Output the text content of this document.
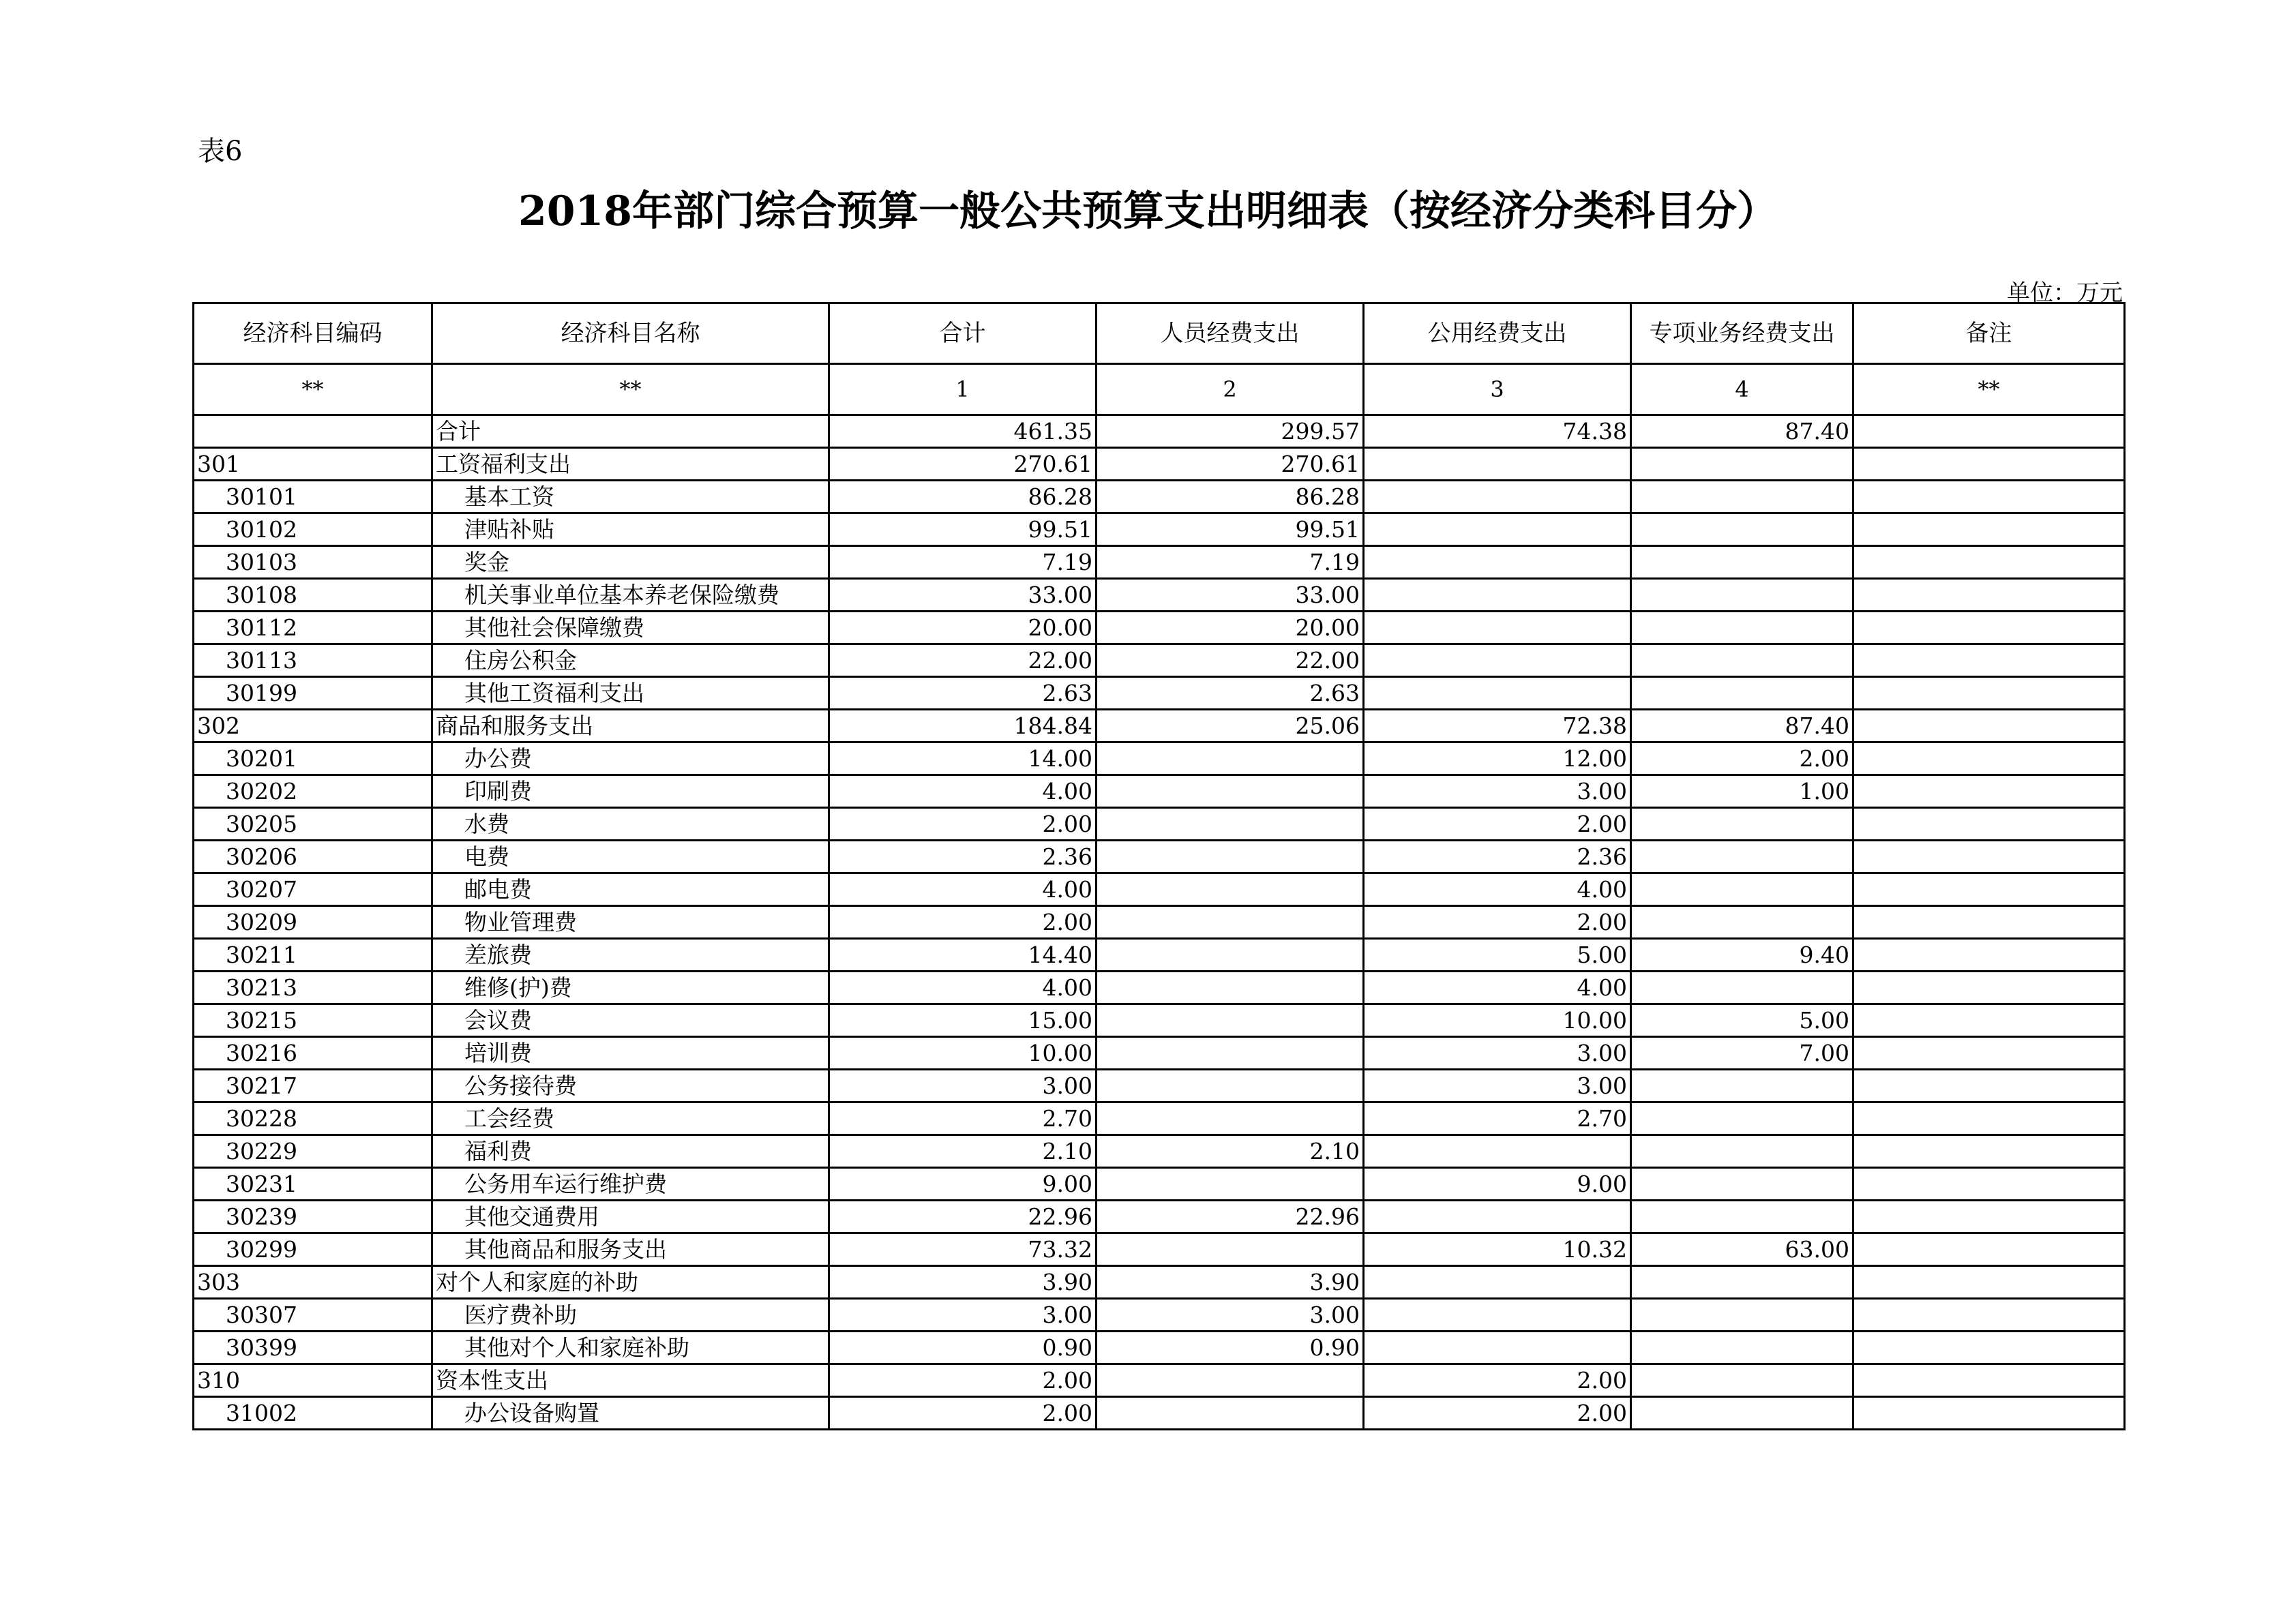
表6
2018年部门综合预算一般公共预算支出明细表（按经济分类科目分）
单位：万元
经济科目编码	经济科目名称	合计	人员经费支出	公用经费支出	专项业务经费支出	备注
**	**	1	2	3	4	**
	合计	461.35	299.57	74.38	87.40	
301	工资福利支出	270.61	270.61			
30101	基本工资	86.28	86.28			
30102	津贴补贴	99.51	99.51			
30103	奖金	7.19	7.19			
30108	机关事业单位基本养老保险缴费	33.00	33.00			
30112	其他社会保障缴费	20.00	20.00			
30113	住房公积金	22.00	22.00			
30199	其他工资福利支出	2.63	2.63			
302	商品和服务支出	184.84	25.06	72.38	87.40	
30201	办公费	14.00		12.00	2.00	
30202	印刷费	4.00		3.00	1.00	
30205	水费	2.00		2.00		
30206	电费	2.36		2.36		
30207	邮电费	4.00		4.00		
30209	物业管理费	2.00		2.00		
30211	差旅费	14.40		5.00	9.40	
30213	维修(护)费	4.00		4.00		
30215	会议费	15.00		10.00	5.00	
30216	培训费	10.00		3.00	7.00	
30217	公务接待费	3.00		3.00		
30228	工会经费	2.70		2.70		
30229	福利费	2.10	2.10			
30231	公务用车运行维护费	9.00		9.00		
30239	其他交通费用	22.96	22.96			
30299	其他商品和服务支出	73.32		10.32	63.00	
303	对个人和家庭的补助	3.90	3.90			
30307	医疗费补助	3.00	3.00			
30399	其他对个人和家庭补助	0.90	0.90			
310	资本性支出	2.00		2.00		
31002	办公设备购置	2.00		2.00		
